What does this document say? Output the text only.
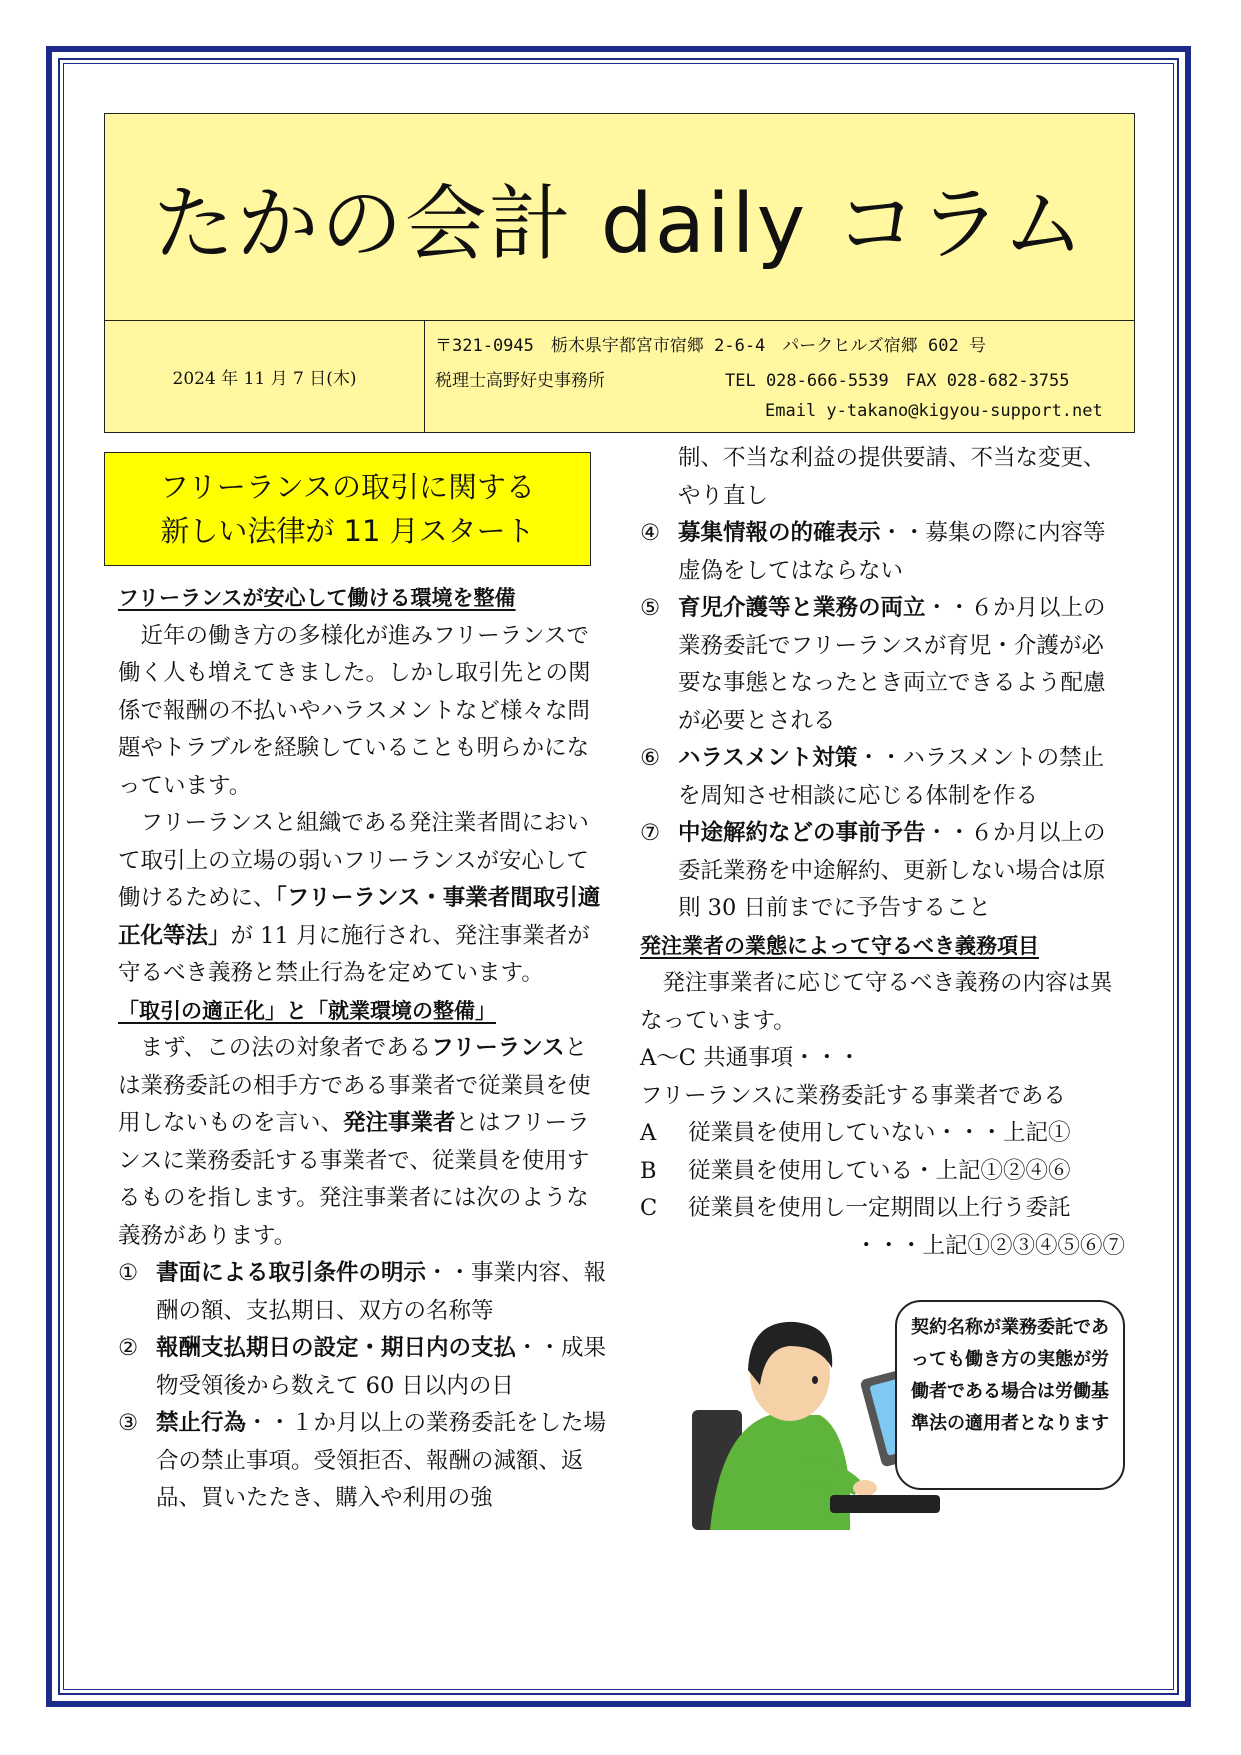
たかの会計 daily コラム
2024 年 11 月 7 日(木)
〒321-0945　栃木県宇都宮市宿郷 2-6-4　パークヒルズ宿郷 602 号
税理士高野好史事務所	TEL 028-666-5539　FAX 028-682-3755
Email y-takano@kigyou-support.net
フリーランスの取引に関する
新しい法律が 11 月スタート

フリーランスが安心して働ける環境を整備

近年の働き方の多様化が進みフリーランスで働く人も増えてきました。しかし取引先との関係で報酬の不払いやハラスメントなど様々な問題やトラブルを経験していることも明らかになっています。

フリーランスと組織である発注業者間において取引上の立場の弱いフリーランスが安心して働けるために、「フリーランス・事業者間取引適正化等法」が 11 月に施行され、発注事業者が守るべき義務と禁止行為を定めています。

「取引の適正化」と「就業環境の整備」

まず、この法の対象者であるフリーランスとは業務委託の相手方である事業者で従業員を使用しないものを言い、発注事業者とはフリーランスに業務委託する事業者で、従業員を使用するものを指します。発注事業者には次のような義務があります。

① 書面による取引条件の明示・・事業内容、報酬の額、支払期日、双方の名称等
② 報酬支払期日の設定・期日内の支払・・成果物受領後から数えて 60 日以内の日
③ 禁止行為・・１か月以上の業務委託をした場合の禁止事項。受領拒否、報酬の減額、返品、買いたたき、購入や利用の強

制、不当な利益の提供要請、不当な変更、やり直し

④ 募集情報の的確表示・・募集の際に内容等虚偽をしてはならない
⑤ 育児介護等と業務の両立・・６か月以上の業務委託でフリーランスが育児・介護が必要な事態となったとき両立できるよう配慮が必要とされる
⑥ ハラスメント対策・・ハラスメントの禁止を周知させ相談に応じる体制を作る
⑦ 中途解約などの事前予告・・６か月以上の委託業務を中途解約、更新しない場合は原則 30 日前までに予告すること

発注業者の業態によって守るべき義務項目

発注事業者に応じて守るべき義務の内容は異なっています。

A～C 共通事項・・・

フリーランスに業務委託する事業者である

A	従業員を使用していない・・・上記①
B	従業員を使用している・上記①②④⑥
C	従業員を使用し一定期間以上行う委託

・・・上記①②③④⑤⑥⑦

契約名称が業務委託であっても働き方の実態が労働者である場合は労働基準法の適用者となります
